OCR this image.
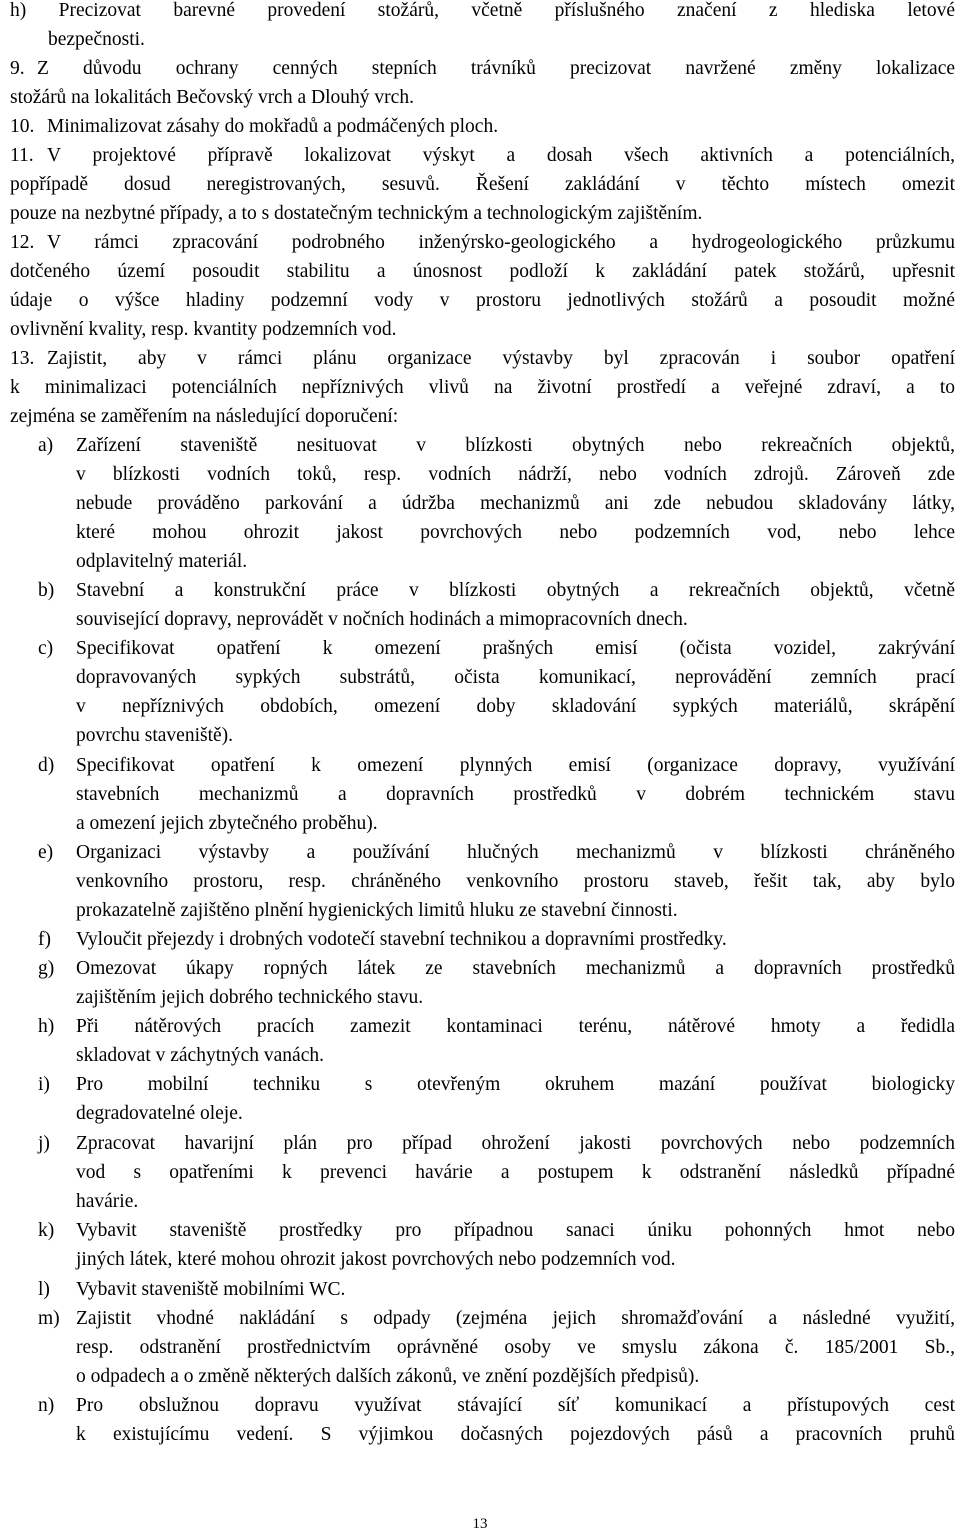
h) Precizovat barevné provedení stožárů, včetně příslušného značení z hlediska letové
bezpečnosti.
9. Z důvodu ochrany cenných stepních trávníků precizovat navržené změny lokalizace
stožárů na lokalitách Bečovský vrch a Dlouhý vrch.
10. Minimalizovat zásahy do mokřadů a podmáčených ploch.
11. V projektové přípravě lokalizovat výskyt a dosah všech aktivních a potenciálních,
popřípadě dosud neregistrovaných, sesuvů. Řešení zakládání v těchto místech omezit
pouze na nezbytné případy, a to s dostatečným technickým a technologickým zajištěním.
12. V rámci zpracování podrobného inženýrsko-geologického a hydrogeologického průzkumu
dotčeného území posoudit stabilitu a únosnost podloží k zakládání patek stožárů, upřesnit
údaje o výšce hladiny podzemní vody v prostoru jednotlivých stožárů a posoudit možné
ovlivnění kvality, resp. kvantity podzemních vod.
13. Zajistit, aby v rámci plánu organizace výstavby byl zpracován i soubor opatření
k minimalizaci potenciálních nepříznivých vlivů na životní prostředí a veřejné zdraví, a to
zejména se zaměřením na následující doporučení:
a) Zařízení staveniště nesituovat v blízkosti obytných nebo rekreačních objektů,
v blízkosti vodních toků, resp. vodních nádrží, nebo vodních zdrojů. Zároveň zde
nebude prováděno parkování a údržba mechanizmů ani zde nebudou skladovány látky,
které mohou ohrozit jakost povrchových nebo podzemních vod, nebo lehce
odplavitelný materiál.
b) Stavební a konstrukční práce v blízkosti obytných a rekreačních objektů, včetně
související dopravy, neprovádět v nočních hodinách a mimopracovních dnech.
c) Specifikovat opatření k omezení prašných emisí (očista vozidel, zakrývání
dopravovaných sypkých substrátů, očista komunikací, neprovádění zemních prací
v nepříznivých obdobích, omezení doby skladování sypkých materiálů, skrápění
povrchu staveniště).
d) Specifikovat opatření k omezení plynných emisí (organizace dopravy, využívání
stavebních mechanizmů a dopravních prostředků v dobrém technickém stavu
a omezení jejich zbytečného proběhu).
e) Organizaci výstavby a používání hlučných mechanizmů v blízkosti chráněného
venkovního prostoru, resp. chráněného venkovního prostoru staveb, řešit tak, aby bylo
prokazatelně zajištěno plnění hygienických limitů hluku ze stavební činnosti.
f) Vyloučit přejezdy i drobných vodotečí stavební technikou a dopravními prostředky.
g) Omezovat úkapy ropných látek ze stavebních mechanizmů a dopravních prostředků
zajištěním jejich dobrého technického stavu.
h) Při nátěrových pracích zamezit kontaminaci terénu, nátěrové hmoty a ředidla
skladovat v záchytných vanách.
i) Pro mobilní techniku s otevřeným okruhem mazání používat biologicky
degradovatelné oleje.
j) Zpracovat havarijní plán pro případ ohrožení jakosti povrchových nebo podzemních
vod s opatřeními k prevenci havárie a postupem k odstranění následků případné
havárie.
k) Vybavit staveniště prostředky pro případnou sanaci úniku pohonných hmot nebo
jiných látek, které mohou ohrozit jakost povrchových nebo podzemních vod.
l) Vybavit staveniště mobilními WC.
m) Zajistit vhodné nakládání s odpady (zejména jejich shromažďování a následné využití,
resp. odstranění prostřednictvím oprávněné osoby ve smyslu zákona č. 185/2001 Sb.,
o odpadech a o změně některých dalších zákonů, ve znění pozdějších předpisů).
n) Pro obslužnou dopravu využívat stávající síť komunikací a přístupových cest
k existujícímu vedení. S výjimkou dočasných pojezdových pásů a pracovních pruhů
13
